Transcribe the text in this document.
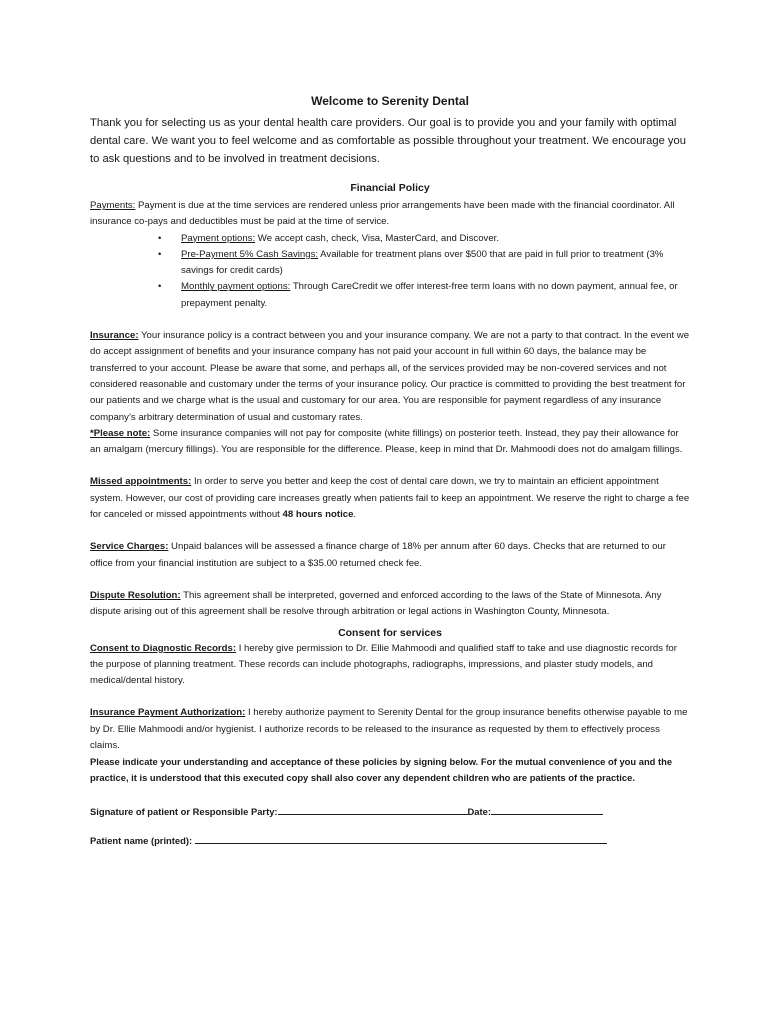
Welcome to Serenity Dental

Thank you for selecting us as your dental health care providers. Our goal is to provide you and your family with optimal dental care. We want you to feel welcome and as comfortable as possible throughout your treatment. We encourage you to ask questions and to be involved in treatment decisions.

Financial Policy

Payments: Payment is due at the time services are rendered unless prior arrangements have been made with the financial coordinator. All insurance co-pays and deductibles must be paid at the time of service.

• Payment options: We accept cash, check, Visa, MasterCard, and Discover.
• Pre-Payment 5% Cash Savings: Available for treatment plans over $500 that are paid in full prior to treatment (3% savings for credit cards)
• Monthly payment options: Through CareCredit we offer interest-free term loans with no down payment, annual fee, or prepayment penalty.

Insurance: Your insurance policy is a contract between you and your insurance company. We are not a party to that contract. In the event we do accept assignment of benefits and your insurance company has not paid your account in full within 60 days, the balance may be transferred to your account. Please be aware that some, and perhaps all, of the services provided may be non-covered services and not considered reasonable and customary under the terms of your insurance policy. Our practice is committed to providing the best treatment for our patients and we charge what is the usual and customary for our area. You are responsible for payment regardless of any insurance company’s arbitrary determination of usual and customary rates.
*Please note: Some insurance companies will not pay for composite (white fillings) on posterior teeth. Instead, they pay their allowance for an amalgam (mercury fillings). You are responsible for the difference. Please, keep in mind that Dr. Mahmoodi does not do amalgam fillings.

Missed appointments: In order to serve you better and keep the cost of dental care down, we try to maintain an efficient appointment system. However, our cost of providing care increases greatly when patients fail to keep an appointment. We reserve the right to charge a fee for canceled or missed appointments without 48 hours notice.

Service Charges: Unpaid balances will be assessed a finance charge of 18% per annum after 60 days. Checks that are returned to our office from your financial institution are subject to a $35.00 returned check fee.

Dispute Resolution: This agreement shall be interpreted, governed and enforced according to the laws of the State of Minnesota. Any dispute arising out of this agreement shall be resolve through arbitration or legal actions in Washington County, Minnesota.

Consent for services

Consent to Diagnostic Records: I hereby give permission to Dr. Ellie Mahmoodi and qualified staff to take and use diagnostic records for the purpose of planning treatment. These records can include photographs, radiographs, impressions, and plaster study models, and medical/dental history.

Insurance Payment Authorization: I hereby authorize payment to Serenity Dental for the group insurance benefits otherwise payable to me by Dr. Ellie Mahmoodi and/or hygienist. I authorize records to be released to the insurance as requested by them to effectively process claims.

Please indicate your understanding and acceptance of these policies by signing below. For the mutual convenience of you and the practice, it is understood that this executed copy shall also cover any dependent children who are patients of the practice.

Signature of patient or Responsible Party:	Date:

Patient name (printed):
